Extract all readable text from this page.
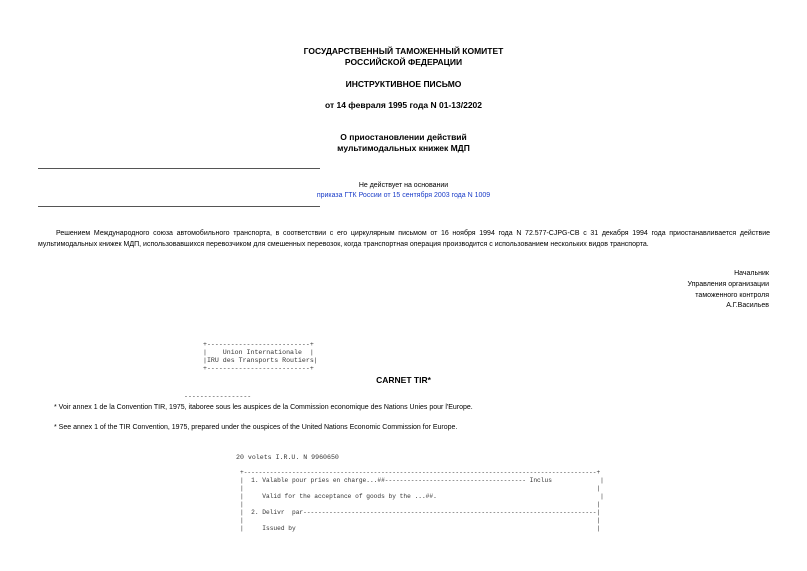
ГОСУДАРСТВЕННЫЙ ТАМОЖЕННЫЙ КОМИТЕТ
РОССИЙСКОЙ ФЕДЕРАЦИИ
ИНСТРУКТИВНОЕ ПИСЬМО
от 14 февраля 1995 года N 01-13/2202
О приостановлении действий
мультимодальных книжек МДП
Не действует на основании
приказа ГТК России от 15 сентября 2003 года N 1009

Решением Международного союза автомобильного транспорта, в соответствии с его циркулярным письмом от 16 ноября 1994 года N 72.577-CJPG-CB с 31 декабря 1994 года приостанавливается действие мультимодальных книжек МДП, использовавшихся перевозчиком для смешенных перевозок, когда транспортная операция производится с использованием нескольких видов транспорта.

Начальник
Управления организации
таможенного контроля
А.Г.Васильев
+--------------------------+
|    Union Internationale  |
|IRU des Transports Routiers|
+--------------------------+
CARNET TIR*
-----------------
* Voir annex 1 de la Convention TIR, 1975, itaboree sous les auspices de la Commission economique des Nations Unies pour l'Europe.
* See annex 1 of the TIR Convention, 1975, prepared under the ouspices of the United Nations Economic Commission for Europe.
20 volets I.R.U. N 9960650
+-----------------------------------------------------------------------------------------------+
|  1. Valable pour pries en charge...##-------------------------------------- Inclus             |
|                                                                                               |
|     Valid for the acceptance of goods by the ...##.                                            |
|                                                                                               |
|  2. Delivr  par-------------------------------------------------------------------------------|
|                                                                                               |
|     Issued by                                                                                 |
